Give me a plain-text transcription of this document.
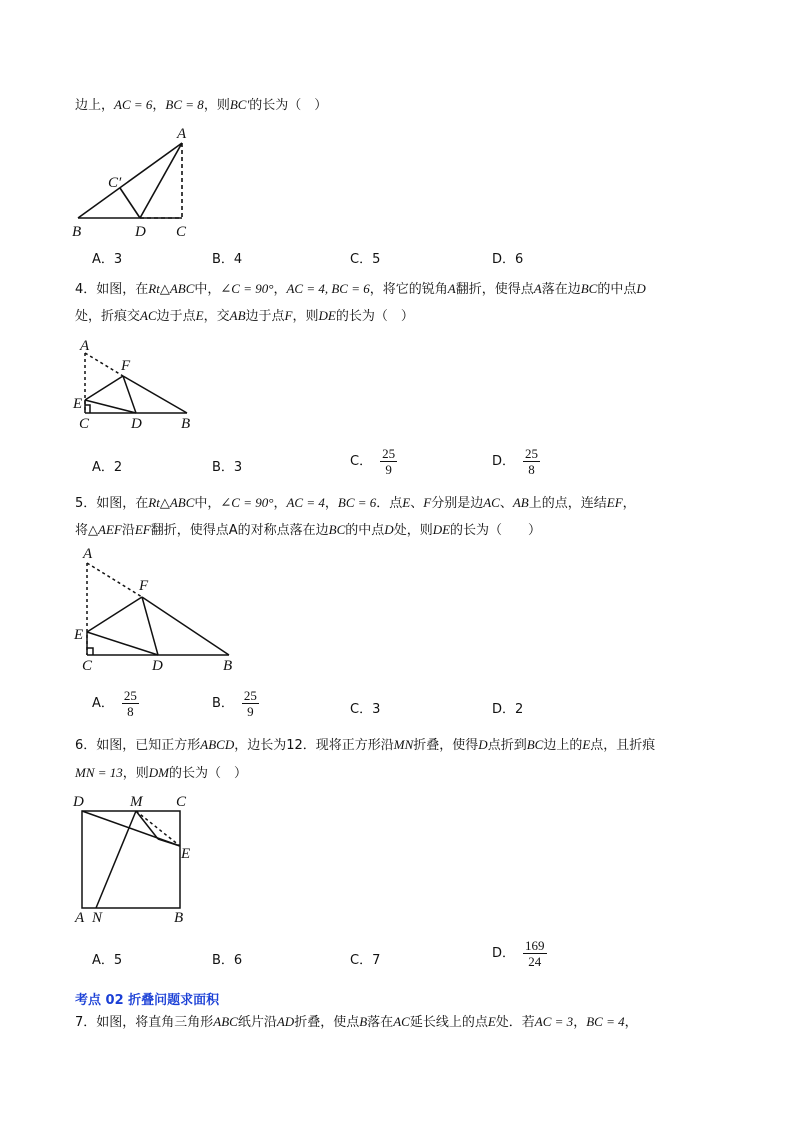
边上，AC = 6，BC = 8，则BC′的长为（　）
A
C′
B	D C
A．3	B．4	C．5	D．6
4．如图，在Rt△ABC中，∠C = 90°，AC = 4, BC = 6，将它的锐角A翻折，使得点A落在边BC的中点D
处，折痕交AC边于点E，交AB边于点F，则DE的长为（　）
A
F
E
C	D	B
A．2	B．3	C． $\frac{25}{9}$	D． $\frac{25}{8}$
5．如图，在Rt△ABC中，∠C = 90°，AC = 4，BC = 6．点E、F分别是边AC、AB上的点，连结EF，
将△AEF沿EF翻折，使得点A的对称点落在边BC的中点D处，则DE的长为（　　）
A
F
E
C	D	B
A． $\frac{25}{8}$	B． $\frac{25}{9}$	C．3	D．2
6．如图，已知正方形ABCD，边长为12．现将正方形沿MN折叠，使得D点折到BC边上的E点，且折痕
MN = 13，则DM的长为（　）
D	M C
E
A N	B
A．5	B．6	C．7	D． $\frac{169}{24}$
考点 02 折叠问题求面积
7．如图，将直角三角形ABC纸片沿AD折叠，使点B落在AC延长线上的点E处．若AC = 3，BC = 4，
